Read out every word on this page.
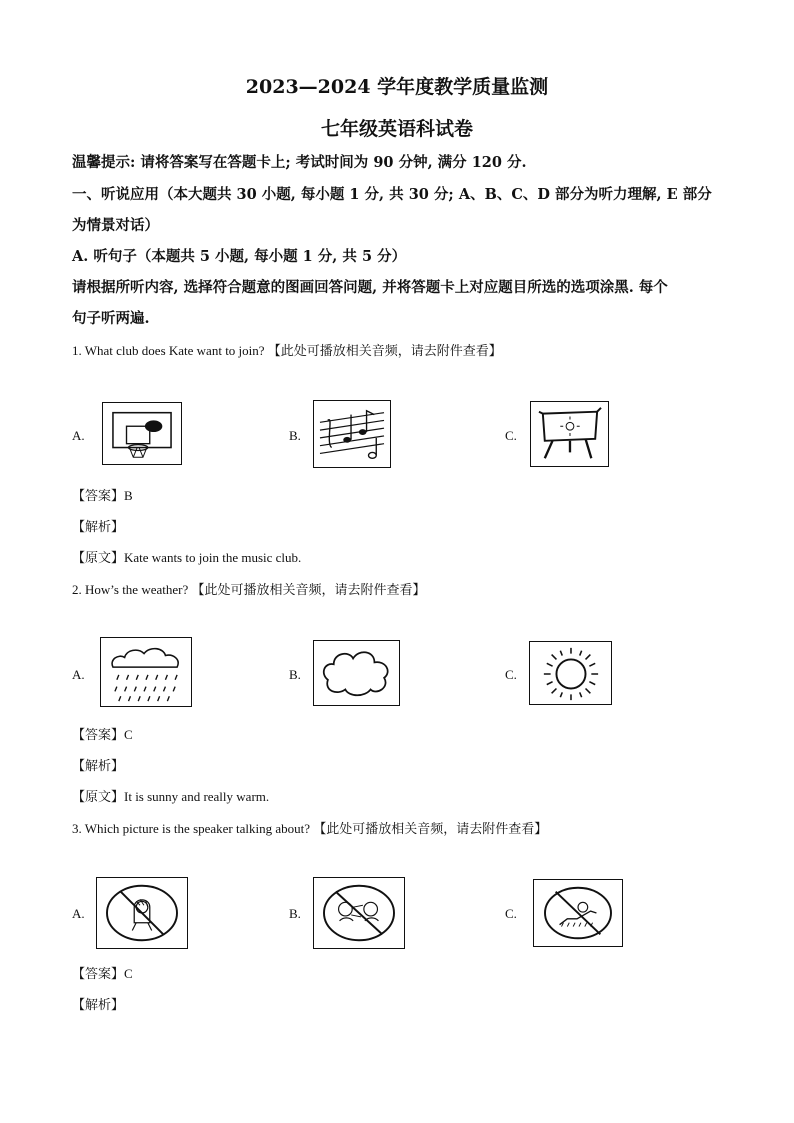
2023—2024 学年度教学质量监测
七年级英语科试卷
温馨提示: 请将答案写在答题卡上; 考试时间为 90 分钟, 满分 120 分.
一、听说应用（本大题共 30 小题, 每小题 1 分, 共 30 分; A、B、C、D 部分为听力理解, E 部分
为情景对话）
A. 听句子（本题共 5 小题, 每小题 1 分, 共 5 分）
请根据所听内容, 选择符合题意的图画回答问题, 并将答题卡上对应题目所选的选项涂黑. 每个
句子听两遍.
1. What club does Kate want to join? 【此处可播放相关音频，请去附件查看】
A.	B.	C.
【答案】B
【解析】
【原文】Kate wants to join the music club.
2. How’s the weather? 【此处可播放相关音频，请去附件查看】
A.	B.	C.
【答案】C
【解析】
【原文】It is sunny and really warm.
3. Which picture is the speaker talking about? 【此处可播放相关音频，请去附件查看】
A.	B.	C.
【答案】C
【解析】
